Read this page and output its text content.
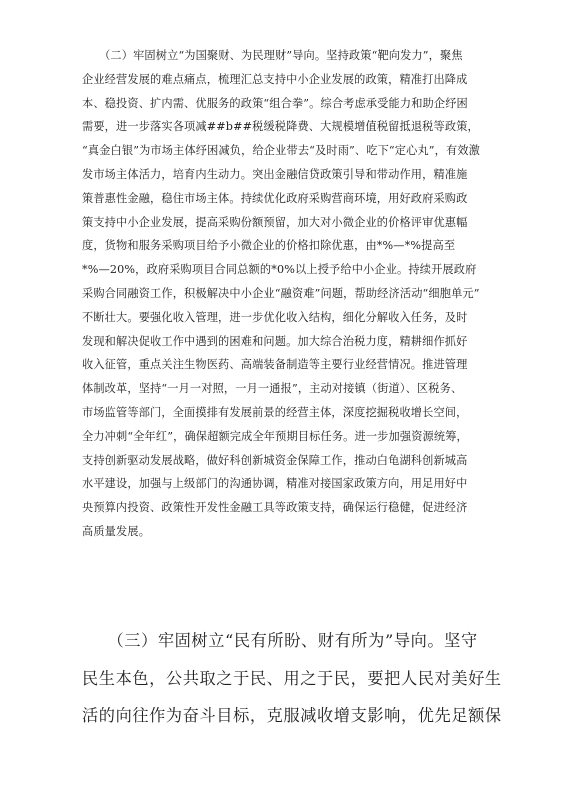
　　（二）牢固树立“为国聚财、为民理财”导向。坚持政策“靶向发力”，聚焦
企业经营发展的难点痛点，梳理汇总支持中小企业发展的政策，精准打出降成
本、稳投资、扩内需、优服务的政策“组合拳”。综合考虑承受能力和助企纾困
需要，进一步落实各项减##b##税缓税降费、大规模增值税留抵退税等政策，
“真金白银”为市场主体纾困减负，给企业带去“及时雨”、吃下“定心丸”，有效激
发市场主体活力，培育内生动力。突出金融信贷政策引导和带动作用，精准施
策普惠性金融，稳住市场主体。持续优化政府采购营商环境，用好政府采购政
策支持中小企业发展，提高采购份额预留，加大对小微企业的价格评审优惠幅
度，货物和服务采购项目给予小微企业的价格扣除优惠，由*%—*%提高至
*%—20%，政府采购项目合同总额的*0%以上授予给中小企业。持续开展政府
采购合同融资工作，积极解决中小企业“融资难”问题，帮助经济活动“细胞单元”
不断壮大。要强化收入管理，进一步优化收入结构，细化分解收入任务，及时
发现和解决促收工作中遇到的困难和问题。加大综合治税力度，精耕细作抓好
收入征管，重点关注生物医药、高端装备制造等主要行业经营情况。推进管理
体制改革，坚持“一月一对照，一月一通报”，主动对接镇（街道）、区税务、
市场监管等部门，全面摸排有发展前景的经营主体，深度挖掘税收增长空间，
全力冲刺“全年红”，确保超额完成全年预期目标任务。进一步加强资源统筹，
支持创新驱动发展战略，做好科创新城资金保障工作，推动白龟湖科创新城高
水平建设，加强与上级部门的沟通协调，精准对接国家政策方向，用足用好中
央预算内投资、政策性开发性金融工具等政策支持，确保运行稳健，促进经济
高质量发展。
　　（三）牢固树立“民有所盼、财有所为”导向。坚守
民生本色，公共取之于民、用之于民，要把人民对美好生
活的向往作为奋斗目标，克服减收增支影响，优先足额保
